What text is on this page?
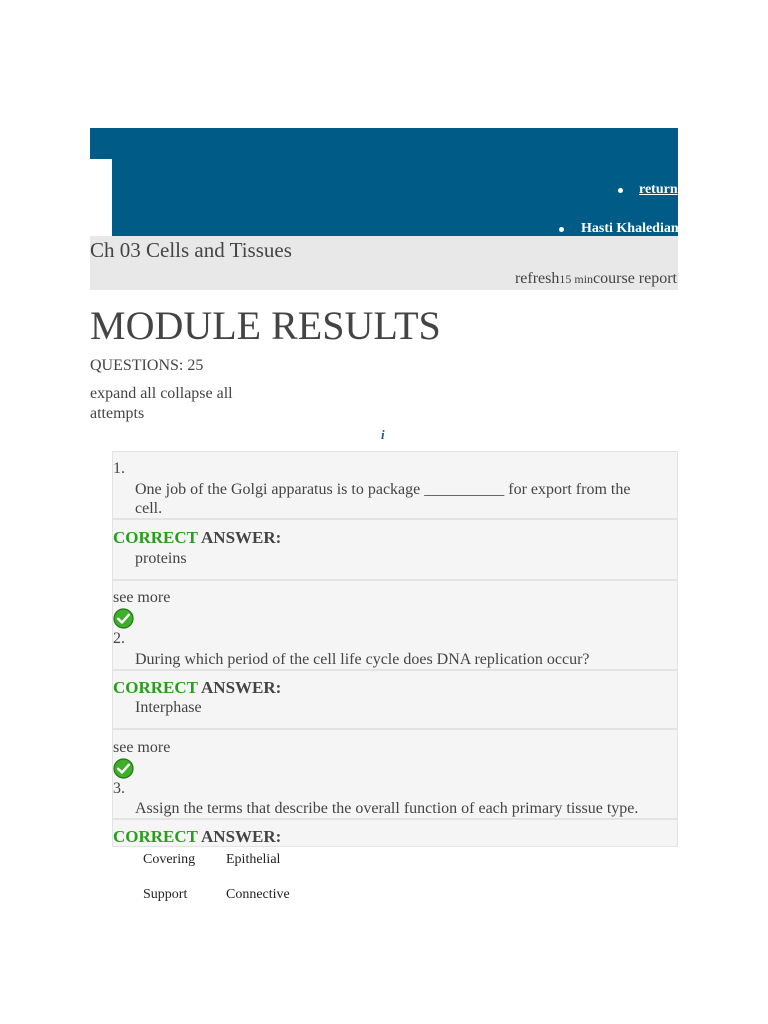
return
Hasti Khaledian
Ch 03 Cells and Tissues
refresh15 mincourse report
MODULE RESULTS
QUESTIONS: 25
expand all collapse all
attempts
i
1.
One job of the Golgi apparatus is to package __________ for export from the
cell.
CORRECT ANSWER:
proteins
see more
2.
During which period of the cell life cycle does DNA replication occur?
CORRECT ANSWER:
Interphase
see more
3.
Assign the terms that describe the overall function of each primary tissue type.
CORRECT ANSWER:
Covering Epithelial
Support	Connective
